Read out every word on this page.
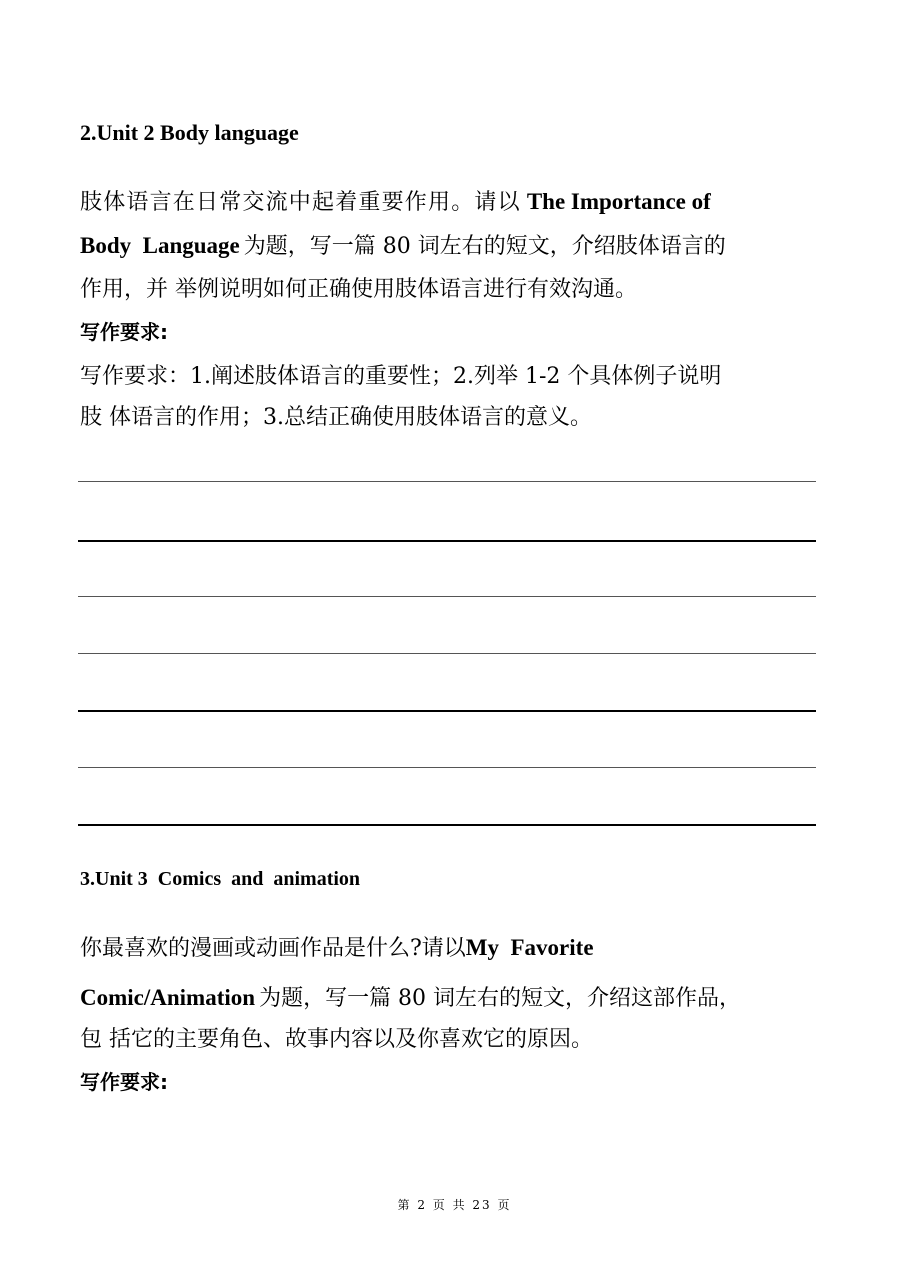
2.Unit 2 Body language
肢体语言在日常交流中起着重要作用。请以 The Importance of
Body  Language 为题，写一篇 80 词左右的短文，介绍肢体语言的
作用，并 举例说明如何正确使用肢体语言进行有效沟通。
写作要求:
写作要求：1.阐述肢体语言的重要性；2.列举 1-2 个具体例子说明
肢 体语言的作用；3.总结正确使用肢体语言的意义。
3.Unit 3  Comics  and  animation
你最喜欢的漫画或动画作品是什么?请以My  Favorite
Comic/Animation 为题，写一篇 80 词左右的短文，介绍这部作品，
包 括它的主要角色、故事内容以及你喜欢它的原因。
写作要求:
第 2 页 共 23 页
